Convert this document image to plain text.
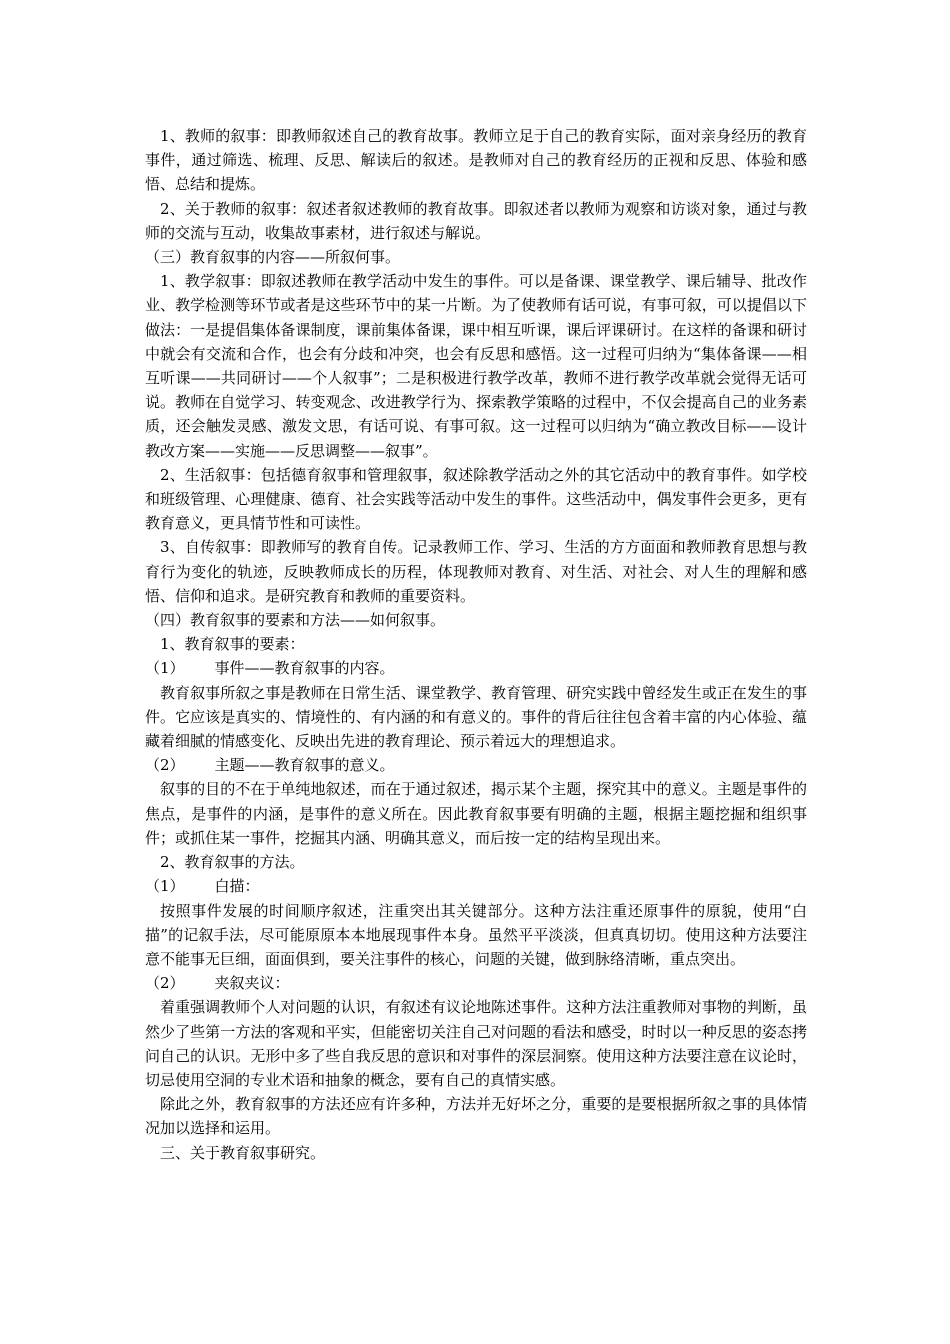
1、教师的叙事：即教师叙述自己的教育故事。教师立足于自己的教育实际，面对亲身经历的教育事件，通过筛选、梳理、反思、解读后的叙述。是教师对自己的教育经历的正视和反思、体验和感悟、总结和提炼。

2、关于教师的叙事：叙述者叙述教师的教育故事。即叙述者以教师为观察和访谈对象，通过与教师的交流与互动，收集故事素材，进行叙述与解说。

（三）教育叙事的内容——所叙何事。

1、教学叙事：即叙述教师在教学活动中发生的事件。可以是备课、课堂教学、课后辅导、批改作业、教学检测等环节或者是这些环节中的某一片断。为了使教师有话可说，有事可叙，可以提倡以下做法：一是提倡集体备课制度，课前集体备课，课中相互听课，课后评课研讨。在这样的备课和研讨中就会有交流和合作，也会有分歧和冲突，也会有反思和感悟。这一过程可归纳为“集体备课——相互听课——共同研讨——个人叙事”；二是积极进行教学改革，教师不进行教学改革就会觉得无话可说。教师在自觉学习、转变观念、改进教学行为、探索教学策略的过程中，不仅会提高自己的业务素质，还会触发灵感、激发文思，有话可说、有事可叙。这一过程可以归纳为“确立教改目标——设计教改方案——实施——反思调整——叙事”。

2、生活叙事：包括德育叙事和管理叙事，叙述除教学活动之外的其它活动中的教育事件。如学校和班级管理、心理健康、德育、社会实践等活动中发生的事件。这些活动中，偶发事件会更多，更有教育意义，更具情节性和可读性。

3、自传叙事：即教师写的教育自传。记录教师工作、学习、生活的方方面面和教师教育思想与教育行为变化的轨迹，反映教师成长的历程，体现教师对教育、对生活、对社会、对人生的理解和感悟、信仰和追求。是研究教育和教师的重要资料。

（四）教育叙事的要素和方法——如何叙事。

1、教育叙事的要素：

（1） 事件——教育叙事的内容。

教育叙事所叙之事是教师在日常生活、课堂教学、教育管理、研究实践中曾经发生或正在发生的事件。它应该是真实的、情境性的、有内涵的和有意义的。事件的背后往往包含着丰富的内心体验、蕴藏着细腻的情感变化、反映出先进的教育理论、预示着远大的理想追求。

（2） 主题——教育叙事的意义。

叙事的目的不在于单纯地叙述，而在于通过叙述，揭示某个主题，探究其中的意义。主题是事件的焦点，是事件的内涵，是事件的意义所在。因此教育叙事要有明确的主题，根据主题挖掘和组织事件；或抓住某一事件，挖掘其内涵、明确其意义，而后按一定的结构呈现出来。

2、教育叙事的方法。

（1） 白描：

按照事件发展的时间顺序叙述，注重突出其关键部分。这种方法注重还原事件的原貌，使用“白描”的记叙手法，尽可能原原本本地展现事件本身。虽然平平淡淡，但真真切切。使用这种方法要注意不能事无巨细，面面俱到，要关注事件的核心，问题的关键，做到脉络清晰，重点突出。

（2） 夹叙夹议：

着重强调教师个人对问题的认识，有叙述有议论地陈述事件。这种方法注重教师对事物的判断，虽然少了些第一方法的客观和平实，但能密切关注自己对问题的看法和感受，时时以一种反思的姿态拷问自己的认识。无形中多了些自我反思的意识和对事件的深层洞察。使用这种方法要注意在议论时，切忌使用空洞的专业术语和抽象的概念，要有自己的真情实感。

除此之外，教育叙事的方法还应有许多种，方法并无好坏之分，重要的是要根据所叙之事的具体情况加以选择和运用。

三、关于教育叙事研究。
